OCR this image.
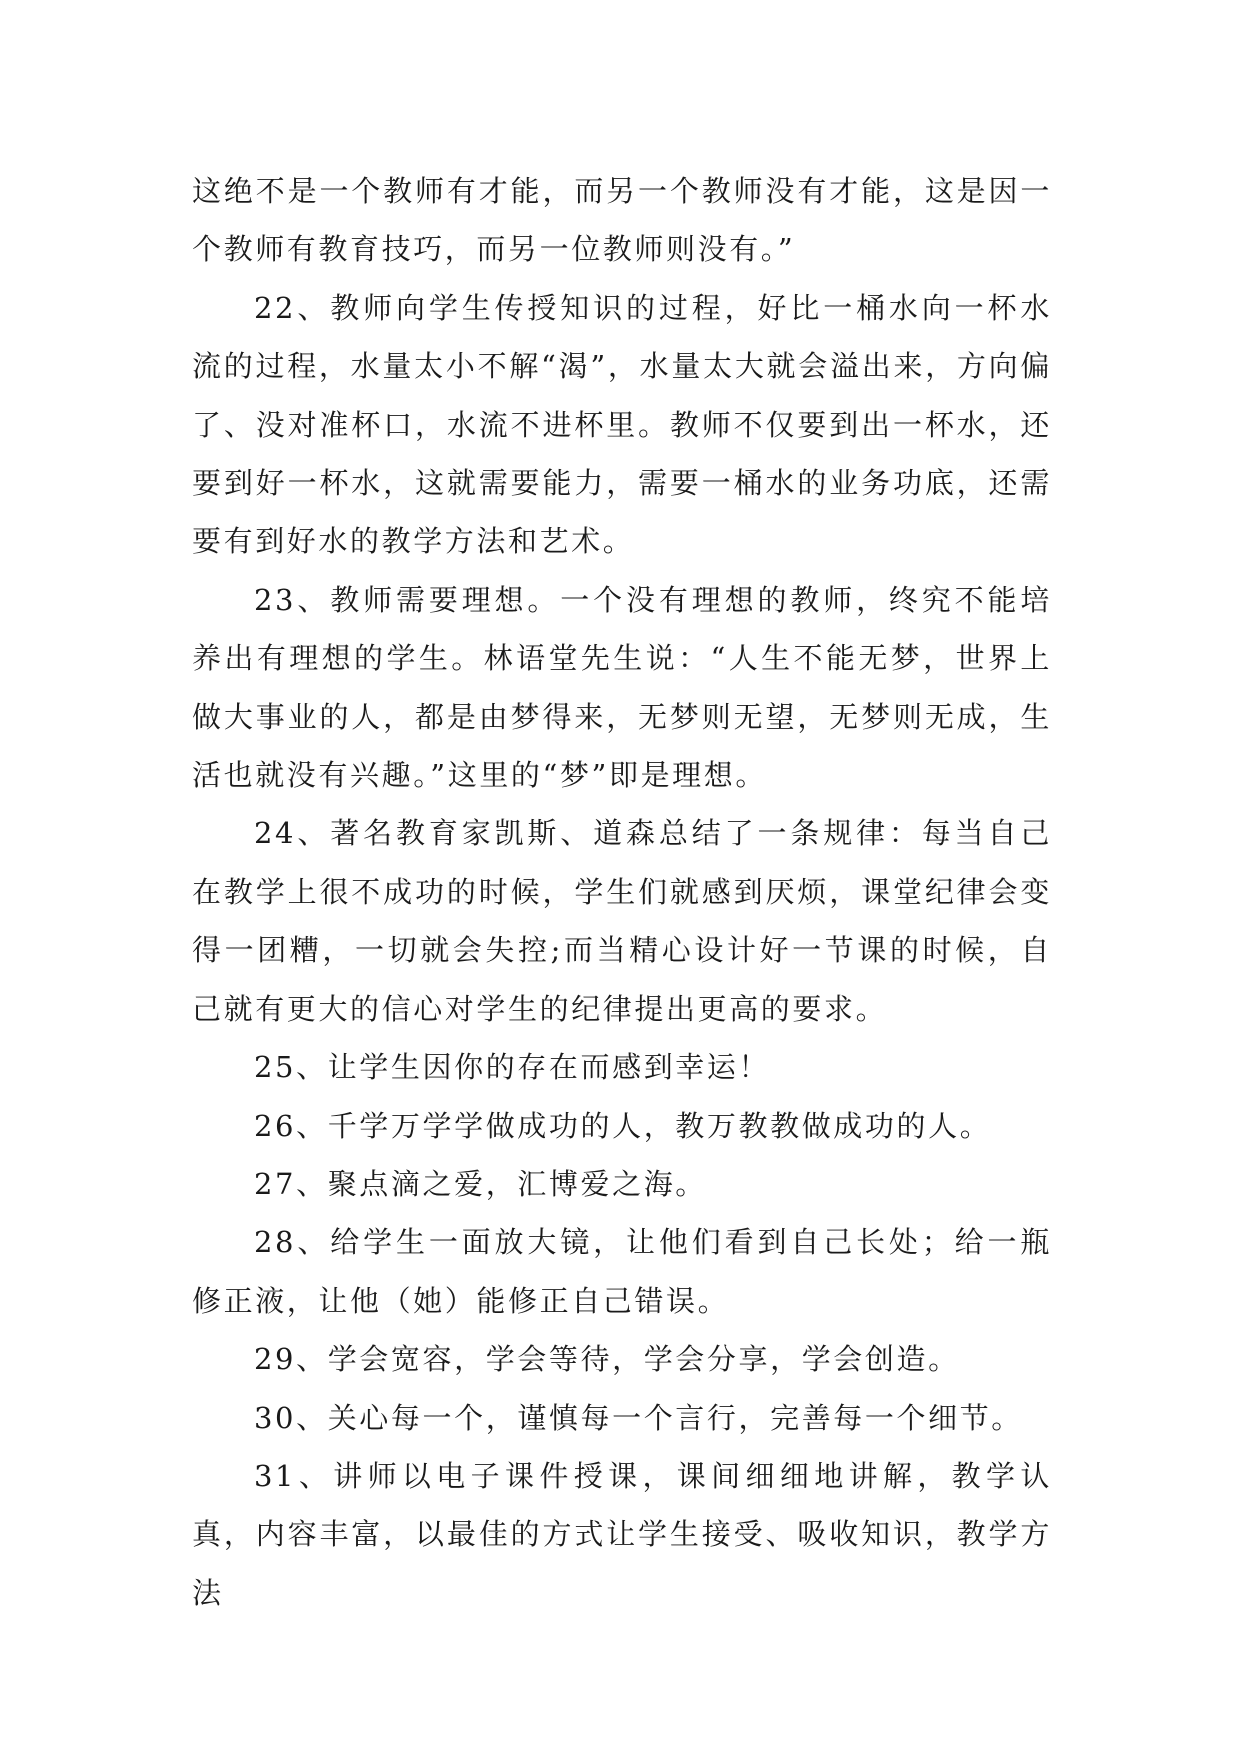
这绝不是一个教师有才能，而另一个教师没有才能，这是因一个教师有教育技巧，而另一位教师则没有。”

22、教师向学生传授知识的过程，好比一桶水向一杯水流的过程，水量太小不解“渴”，水量太大就会溢出来，方向偏了、没对准杯口，水流不进杯里。教师不仅要到出一杯水，还要到好一杯水，这就需要能力，需要一桶水的业务功底，还需要有到好水的教学方法和艺术。

23、教师需要理想。一个没有理想的教师，终究不能培养出有理想的学生。林语堂先生说：“人生不能无梦，世界上做大事业的人，都是由梦得来，无梦则无望，无梦则无成，生活也就没有兴趣。”这里的“梦”即是理想。

24、著名教育家凯斯、道森总结了一条规律：每当自己在教学上很不成功的时候，学生们就感到厌烦，课堂纪律会变得一团糟，一切就会失控;而当精心设计好一节课的时候，自己就有更大的信心对学生的纪律提出更高的要求。

25、让学生因你的存在而感到幸运！

26、千学万学学做成功的人，教万教教做成功的人。

27、聚点滴之爱，汇博爱之海。

28、给学生一面放大镜，让他们看到自己长处；给一瓶修正液，让他（她）能修正自己错误。

29、学会宽容，学会等待，学会分享，学会创造。

30、关心每一个，谨慎每一个言行，完善每一个细节。

31、讲师以电子课件授课，课间细细地讲解，教学认真，内容丰富，以最佳的方式让学生接受、吸收知识，教学方法
